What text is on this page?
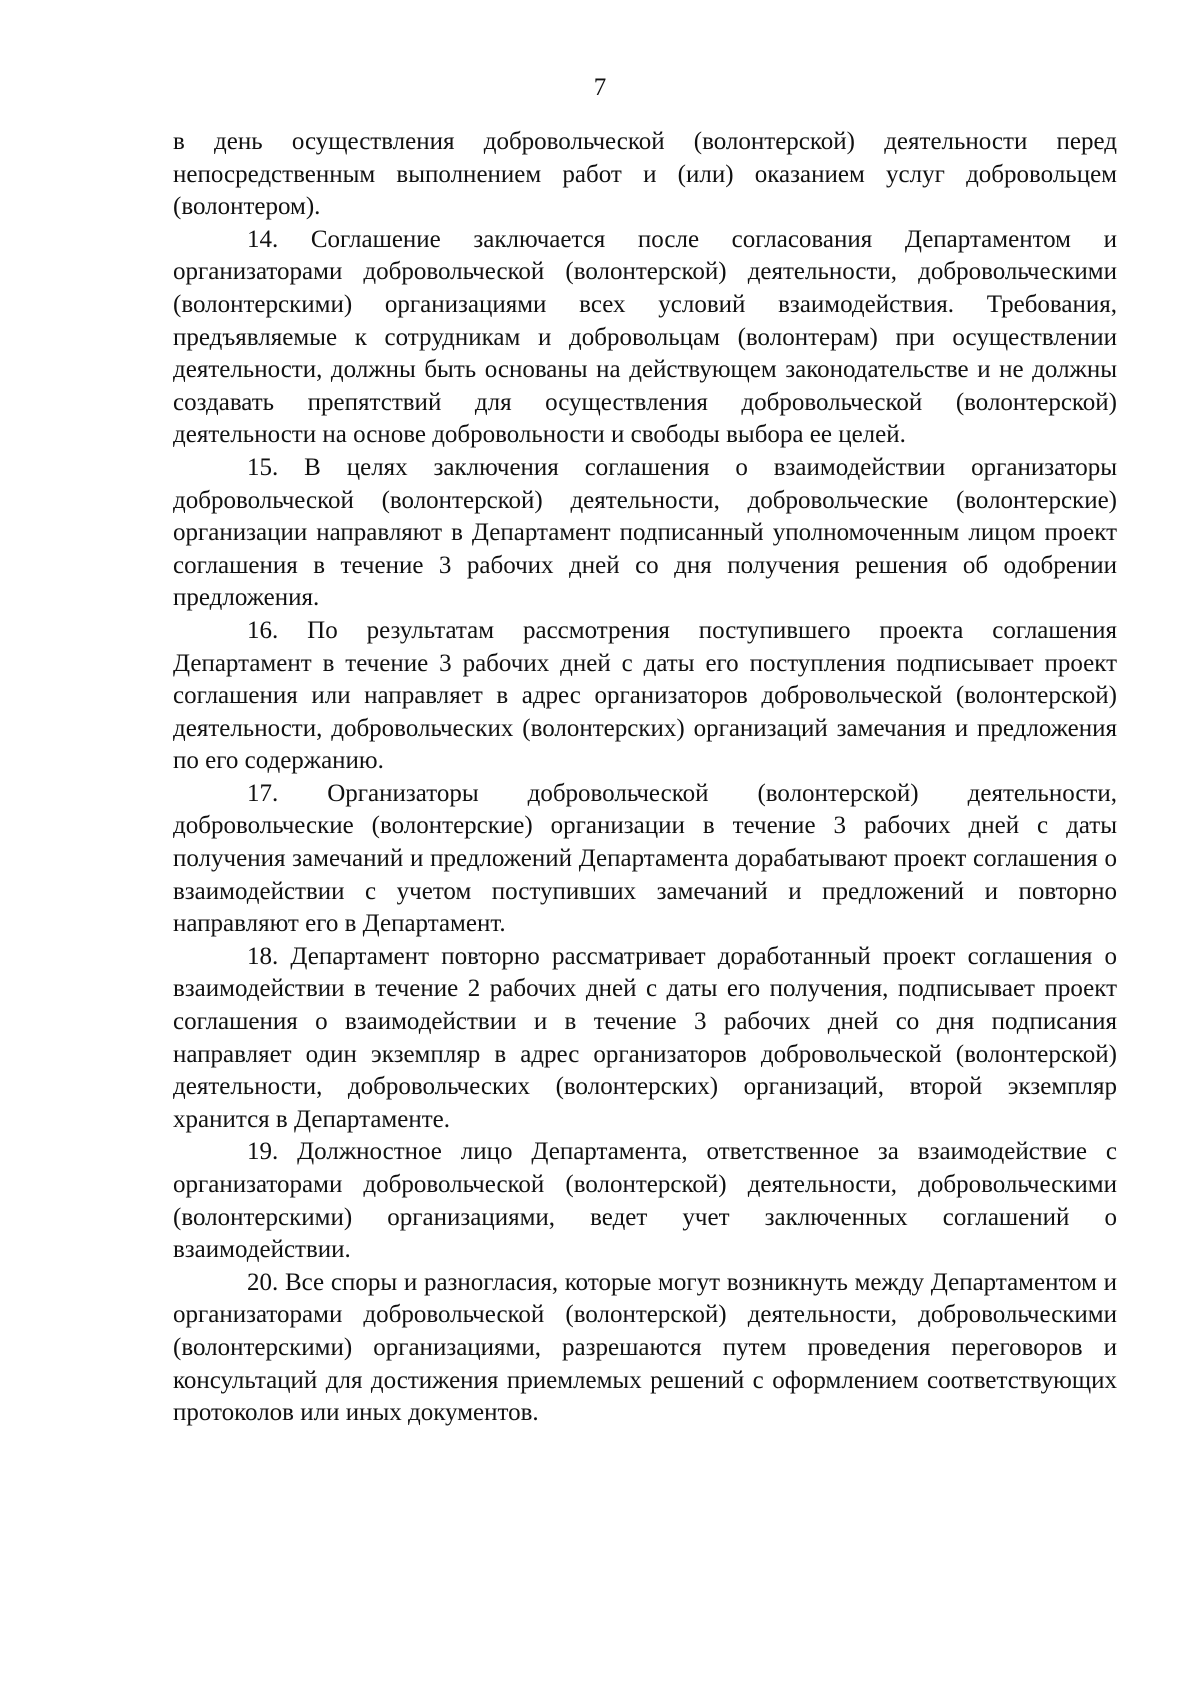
7

в день осуществления добровольческой (волонтерской) деятельности перед непосредственным выполнением работ и (или) оказанием услуг добровольцем (волонтером).

14. Соглашение заключается после согласования Департаментом и организаторами добровольческой (волонтерской) деятельности, добровольческими (волонтерскими) организациями всех условий взаимодействия. Требования, предъявляемые к сотрудникам и добровольцам (волонтерам) при осуществлении деятельности, должны быть основаны на действующем законодательстве и не должны создавать препятствий для осуществления добровольческой (волонтерской) деятельности на основе добровольности и свободы выбора ее целей.

15. В целях заключения соглашения о взаимодействии организаторы добровольческой (волонтерской) деятельности, добровольческие (волонтерские) организации направляют в Департамент подписанный уполномоченным лицом проект соглашения в течение 3 рабочих дней со дня получения решения об одобрении предложения.

16. По результатам рассмотрения поступившего проекта соглашения Департамент в течение 3 рабочих дней с даты его поступления подписывает проект соглашения или направляет в адрес организаторов добровольческой (волонтерской) деятельности, добровольческих (волонтерских) организаций замечания и предложения по его содержанию.

17. Организаторы добровольческой (волонтерской) деятельности, добровольческие (волонтерские) организации в течение 3 рабочих дней с даты получения замечаний и предложений Департамента дорабатывают проект соглашения о взаимодействии с учетом поступивших замечаний и предложений и повторно направляют его в Департамент.

18. Департамент повторно рассматривает доработанный проект соглашения о взаимодействии в течение 2 рабочих дней с даты его получения, подписывает проект соглашения о взаимодействии и в течение 3 рабочих дней со дня подписания направляет один экземпляр в адрес организаторов добровольческой (волонтерской) деятельности, добровольческих (волонтерских) организаций, второй экземпляр хранится в Департаменте.

19. Должностное лицо Департамента, ответственное за взаимодействие с организаторами добровольческой (волонтерской) деятельности, добровольческими (волонтерскими) организациями, ведет учет заключенных соглашений о взаимодействии.

20. Все споры и разногласия, которые могут возникнуть между Департаментом и организаторами добровольческой (волонтерской) деятельности, добровольческими (волонтерскими) организациями, разрешаются путем проведения переговоров и консультаций для достижения приемлемых решений с оформлением соответствующих протоколов или иных документов.
